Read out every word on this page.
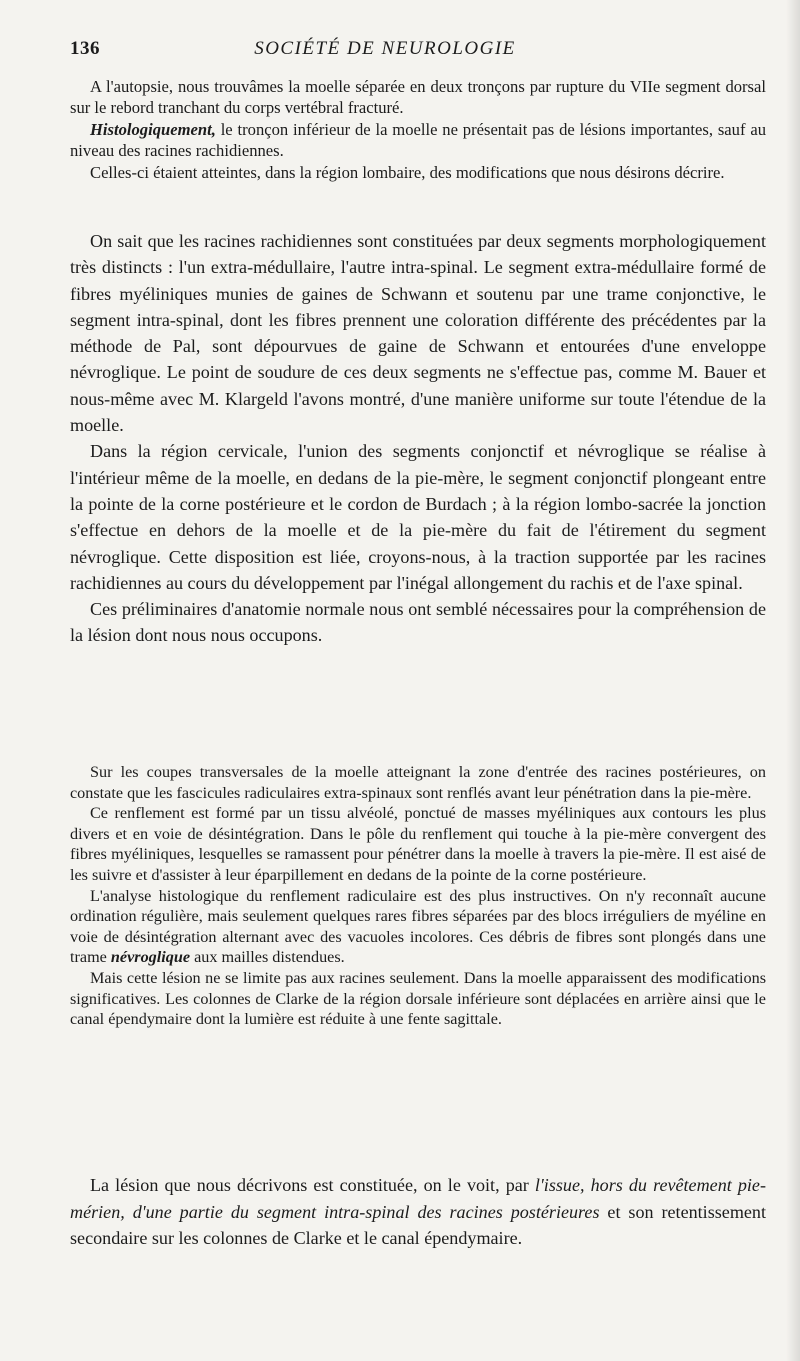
136	SOCIÉTÉ DE NEUROLOGIE

A l'autopsie, nous trouvâmes la moelle séparée en deux tronçons par rupture du VIIe segment dorsal sur le rebord tranchant du corps vertébral fracturé.

Histologiquement, le tronçon inférieur de la moelle ne présentait pas de lésions importantes, sauf au niveau des racines rachidiennes.

Celles-ci étaient atteintes, dans la région lombaire, des modifications que nous désirons décrire.

On sait que les racines rachidiennes sont constituées par deux segments morphologiquement très distincts : l'un extra-médullaire, l'autre intra-spinal. Le segment extra-médullaire formé de fibres myéliniques munies de gaines de Schwann et soutenu par une trame conjonctive, le segment intra-spinal, dont les fibres prennent une coloration différente des précédentes par la méthode de Pal, sont dépourvues de gaine de Schwann et entourées d'une enveloppe névroglique. Le point de soudure de ces deux segments ne s'effectue pas, comme M. Bauer et nous-même avec M. Klargeld l'avons montré, d'une manière uniforme sur toute l'étendue de la moelle.

Dans la région cervicale, l'union des segments conjonctif et névroglique se réalise à l'intérieur même de la moelle, en dedans de la pie-mère, le segment conjonctif plongeant entre la pointe de la corne postérieure et le cordon de Burdach ; à la région lombo-sacrée la jonction s'effectue en dehors de la moelle et de la pie-mère du fait de l'étirement du segment névroglique. Cette disposition est liée, croyons-nous, à la traction supportée par les racines rachidiennes au cours du développement par l'inégal allongement du rachis et de l'axe spinal.

Ces préliminaires d'anatomie normale nous ont semblé nécessaires pour la compréhension de la lésion dont nous nous occupons.

Sur les coupes transversales de la moelle atteignant la zone d'entrée des racines postérieures, on constate que les fascicules radiculaires extra-spinaux sont renflés avant leur pénétration dans la pie-mère.

Ce renflement est formé par un tissu alvéolé, ponctué de masses myéliniques aux contours les plus divers et en voie de désintégration. Dans le pôle du renflement qui touche à la pie-mère convergent des fibres myéliniques, lesquelles se ramassent pour pénétrer dans la moelle à travers la pie-mère. Il est aisé de les suivre et d'assister à leur éparpillement en dedans de la pointe de la corne postérieure.

L'analyse histologique du renflement radiculaire est des plus instructives. On n'y reconnaît aucune ordination régulière, mais seulement quelques rares fibres séparées par des blocs irréguliers de myéline en voie de désintégration alternant avec des vacuoles incolores. Ces débris de fibres sont plongés dans une trame névroglique aux mailles distendues.

Mais cette lésion ne se limite pas aux racines seulement. Dans la moelle apparaissent des modifications significatives. Les colonnes de Clarke de la région dorsale inférieure sont déplacées en arrière ainsi que le canal épendymaire dont la lumière est réduite à une fente sagittale.

La lésion que nous décrivons est constituée, on le voit, par l'issue, hors du revêtement pie-mérien, d'une partie du segment intra-spinal des racines postérieures et son retentissement secondaire sur les colonnes de Clarke et le canal épendymaire.
